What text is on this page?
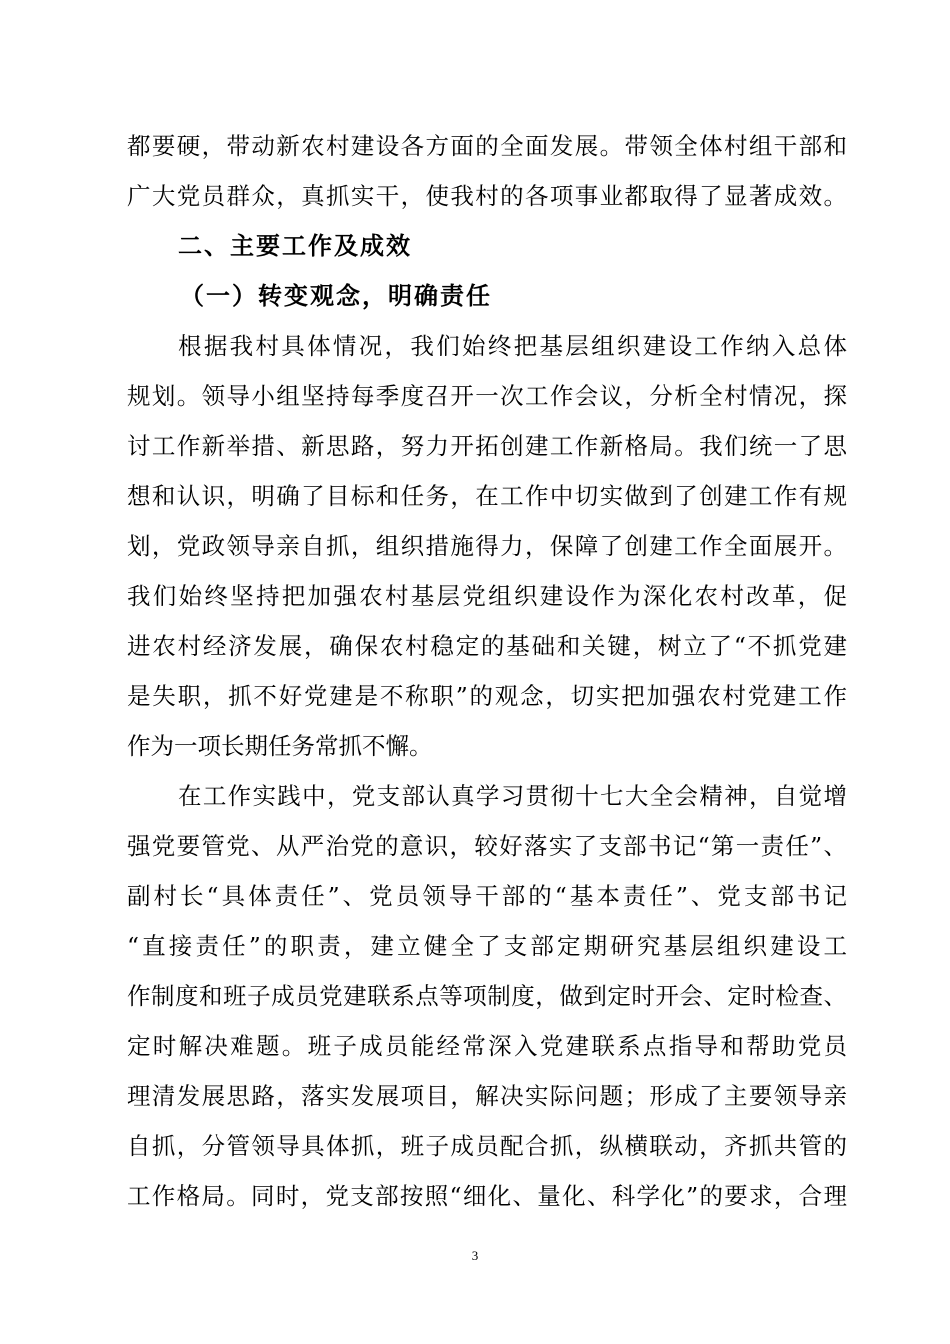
都要硬，带动新农村建设各方面的全面发展。带领全体村组干部和
广大党员群众，真抓实干，使我村的各项事业都取得了显著成效。
二、主要工作及成效
（一）转变观念，明确责任
根据我村具体情况，我们始终把基层组织建设工作纳入总体
规划。领导小组坚持每季度召开一次工作会议，分析全村情况，探
讨工作新举措、新思路，努力开拓创建工作新格局。我们统一了思
想和认识，明确了目标和任务，在工作中切实做到了创建工作有规
划，党政领导亲自抓，组织措施得力，保障了创建工作全面展开。
我们始终坚持把加强农村基层党组织建设作为深化农村改革，促
进农村经济发展，确保农村稳定的基础和关键，树立了“不抓党建
是失职，抓不好党建是不称职”的观念，切实把加强农村党建工作
作为一项长期任务常抓不懈。
在工作实践中，党支部认真学习贯彻十七大全会精神，自觉增
强党要管党、从严治党的意识，较好落实了支部书记“第一责任”、
副村长“具体责任”、党员领导干部的“基本责任”、党支部书记
“直接责任”的职责，建立健全了支部定期研究基层组织建设工
作制度和班子成员党建联系点等项制度，做到定时开会、定时检查、
定时解决难题。班子成员能经常深入党建联系点指导和帮助党员
理清发展思路，落实发展项目，解决实际问题；形成了主要领导亲
自抓，分管领导具体抓，班子成员配合抓，纵横联动，齐抓共管的
工作格局。同时，党支部按照“细化、量化、科学化”的要求，合理
3
